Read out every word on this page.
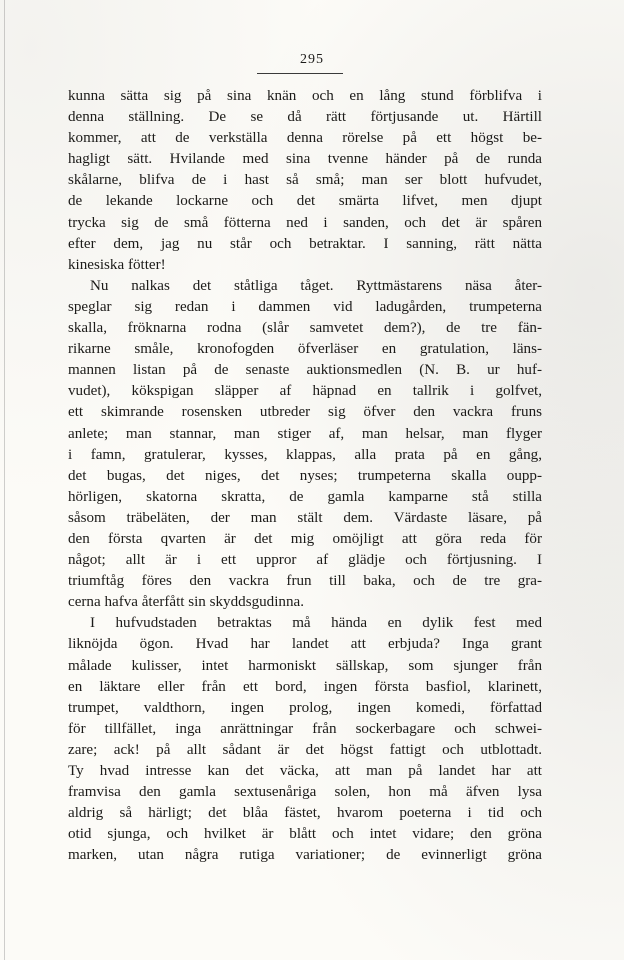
295
kunna sätta sig på sina knän och en lång stund förblifva i
denna ställning. De se då rätt förtjusande ut. Härtill
kommer, att de verkställa denna rörelse på ett högst be-
hagligt sätt. Hvilande med sina tvenne händer på de runda
skålarne, blifva de i hast så små; man ser blott hufvudet,
de lekande lockarne och det smärta lifvet, men djupt
trycka sig de små fötterna ned i sanden, och det är spåren
efter dem, jag nu står och betraktar. I sanning, rätt nätta
kinesiska fötter!
Nu nalkas det ståtliga tåget. Ryttmästarens näsa åter-
speglar sig redan i dammen vid ladugården, trumpeterna
skalla, fröknarna rodna (slår samvetet dem?), de tre fän-
rikarne småle, kronofogden öfverläser en gratulation, läns-
mannen listan på de senaste auktionsmedlen (N. B. ur huf-
vudet), kökspigan släpper af häpnad en tallrik i golfvet,
ett skimrande rosensken utbreder sig öfver den vackra fruns
anlete; man stannar, man stiger af, man helsar, man flyger
i famn, gratulerar, kysses, klappas, alla prata på en gång,
det bugas, det niges, det nyses; trumpeterna skalla oupp-
hörligen, skatorna skratta, de gamla kamparne stå stilla
såsom träbeläten, der man stält dem. Värdaste läsare, på
den första qvarten är det mig omöjligt att göra reda för
något; allt är i ett uppror af glädje och förtjusning. I
triumftåg föres den vackra frun till baka, och de tre gra-
cerna hafva återfått sin skyddsgudinna.
I hufvudstaden betraktas må hända en dylik fest med
liknöjda ögon. Hvad har landet att erbjuda? Inga grant
målade kulisser, intet harmoniskt sällskap, som sjunger från
en läktare eller från ett bord, ingen första basfiol, klarinett,
trumpet, valdthorn, ingen prolog, ingen komedi, författad
för tillfället, inga anrättningar från sockerbagare och schwei-
zare; ack! på allt sådant är det högst fattigt och utblottadt.
Ty hvad intresse kan det väcka, att man på landet har att
framvisa den gamla sextusenåriga solen, hon må äfven lysa
aldrig så härligt; det blåa fästet, hvarom poeterna i tid och
otid sjunga, och hvilket är blått och intet vidare; den gröna
marken, utan några rutiga variationer; de evinnerligt gröna
